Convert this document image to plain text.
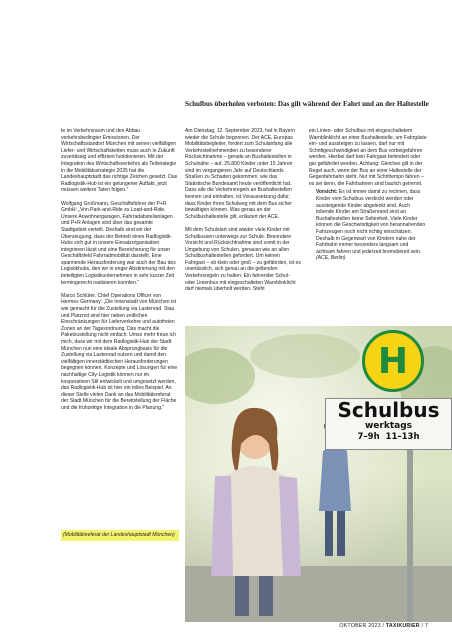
te im Verkehrsraum und den Abbau verkehrsbedingter Emissionen. Der Wirtschaftsstandort München mit seinen vielfältigen Liefer- und Wirtschaftsketten muss auch in Zukunft zuverlässig und effizient funktionieren. Mit der Integration des Wirtschaftsverkehrs als Teilstrategie in die Mobilitätsstrategie 2035 hat die Landeshauptstadt das richtige Zeichen gesetzt. Das Radlogistik-Hub ist ein gelungener Auftakt, jetzt müssen weitere Taten folgen."

Wolfgang Großmann, Geschäftsführer der P+R GmbH: „Von Park-and-Ride zu Load-and-Ride. Unsere Anwohnergaragen, Fahrradabstellanlagen und P+R Anlagen sind über das gesamte Stadtgebiet verteilt. Deshalb sind wir der Überzeugung, dass der Betrieb eines Radlogistik-Hubs sich gut in unsere Einsatzorganisation integrieren lässt und eine Bereicherung für unser Geschäftsfeld Fahrradmobilität darstellt. Eine spannende Herausforderung war auch der Bau des Logistikhubs, den wir in enger Abstimmung mit den beteiligten Logistikunternehmen in sehr kurzer Zeit termingerecht realisieren konnten."

Marco Schlüter, Chief Operations Officer von Hermes Germany: „Die Innenstadt von München ist wie gemacht für die Zustellung via Lastenrad. Stau und Platznot sind hier neben zeitlichen Einschränkungen für Lieferverkehre und autofreien Zonen an der Tagesordnung. Das macht die Paketzustellung nicht einfach. Umso mehr freue ich mich, dass wir mit dem Radlogistik-Hub der Stadt München nun eine ideale Absprungbasis für die Zustellung via Lastenrad nutzen und damit den vielfältigen innerstädtischen Herausforderungen begegnen können. Konzepte und Lösungen für eine nachhaltige City-Logistik können nur im kooperativen Stil entwickelt und umgesetzt werden, das Radlogistik-Hub ist hier ein tolles Beispiel. An dieser Stelle vielen Dank an das Mobilitätsreferat der Stadt München für die Bereitstellung der Fläche und die frühzeitige Integration in die Planung."

(Mobilitätsreferat der Landeshauptstadt München)
Schulbus überholen verboten: Das gilt während der Fahrt und an der Haltestelle

Am Dienstag, 12. September 2023, hat in Bayern wieder die Schule begonnen. Der ACE, Europas Mobilitätsbegleiter, fordert zum Schulanfang alle Verkehrsteilnehmenden zu besonderer Rücksichtnahme – gerade an Bushaltestellen in Schulnähe – auf. 25.800 Kinder unter 15 Jahren sind im vergangenen Jahr auf Deutschlands Straßen zu Schaden gekommen, wie das Statistische Bundesamt heute veröffentlicht hat. Dass alle die Verkehrsregeln an Bushaltestellen kennen und einhalten, ist Voraussetzung dafür, dass Kinder ihren Schulweg mit dem Bus sicher bewältigen können. Was genau an der Schulbushaltestelle gilt, erläutert der ACE.

Mit dem Schulstart sind wieder viele Kinder mit Schulbussen unterwegs zur Schule. Besondere Vorsicht und Rücksichtnahme sind somit in der Umgebung von Schulen, genauso wie an allen Schulbushaltestellen gefordert. Um keinen Fahrgast – ob klein oder groß – zu gefährden, ist es unerlässlich, sich genau an die geltenden Verkehrsregeln zu halten: Ein fahrender Schul- oder Linienbus mit eingeschalteten Warnblinklicht darf niemals überholt werden. Steht

ein Linien- oder Schulbus mit eingeschaltetem Warnblinklicht an einer Bushaltestelle, um Fahrgäste ein- und aussteigen zu lassen, darf nur mit Schrittgeschwindigkeit an dem Bus vorbeigefahren werden. Hierbei darf kein Fahrgast behindert oder gar gefährdet werden. Achtung: Gleiches gilt in der Regel auch, wenn der Bus an einer Haltestelle der Gegenfahrbahn steht. Nur mit Schrittempo fahren – es sei denn, die Fahrbahnen sind baulich getrennt.

Vorsicht: Es ist immer damit zu rechnen, dass Kinder vom Schulbus verdeckt werden oder aussteigende Kinder abgelenkt sind. Auch tobende Kinder am Straßenrand sind an Bushaltestellen keine Seltenheit. Viele Kinder können die Geschwindigkeit von herannahenden Fahrzeugen noch nicht richtig einschätzen. Deshalb in Gegenwart von Kindern nahe der Fahrbahn immer besonders langsam und achtsam fahren und jederzeit bremsbereit sein. (ACE, Berlin)

H
Schulbus
werktags
7–9h  11–13h
OKTOBER 2023 / TAXIKURIER / 7
